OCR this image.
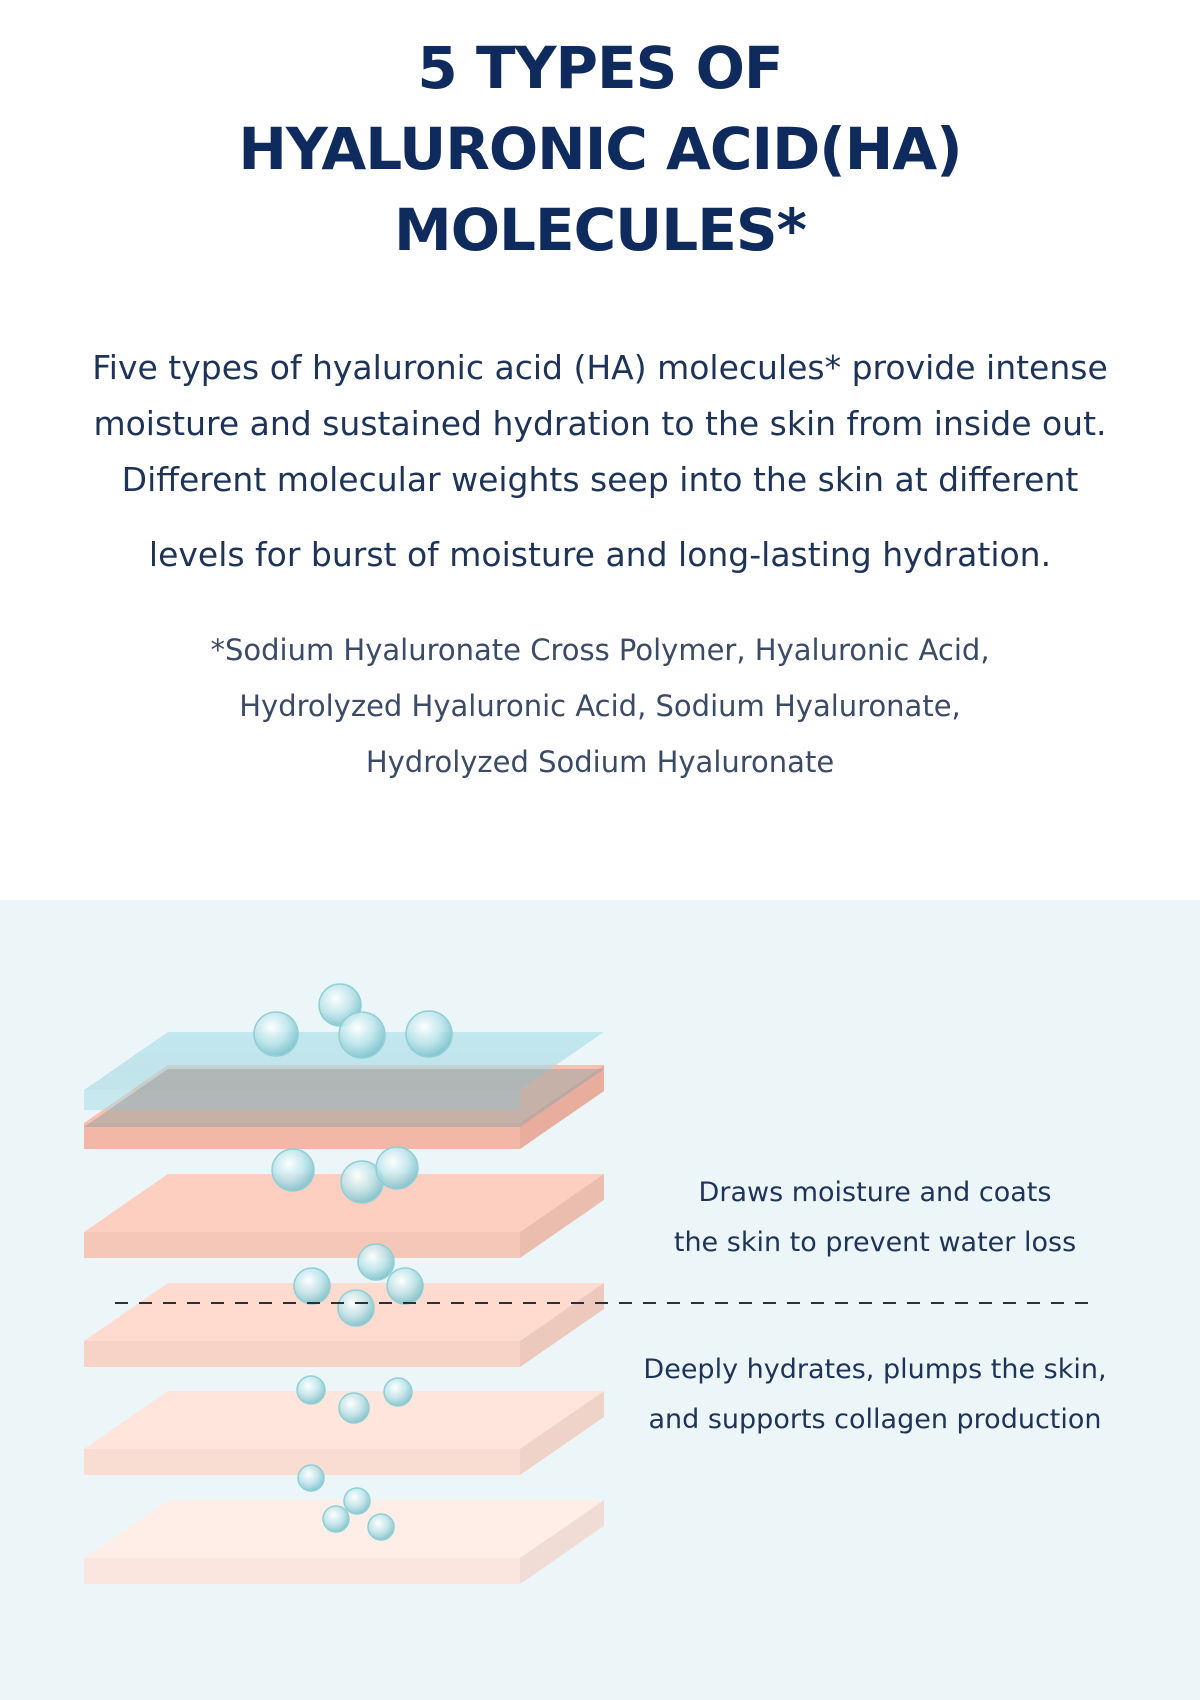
5 TYPES OF
HYALURONIC ACID(HA)
MOLECULES*

Five types of hyaluronic acid (HA) molecules* provide intense
moisture and sustained hydration to the skin from inside out.
Different molecular weights seep into the skin at different
levels for burst of moisture and long-lasting hydration.

*Sodium Hyaluronate Cross Polymer, Hyaluronic Acid,
Hydrolyzed Hyaluronic Acid, Sodium Hyaluronate,
Hydrolyzed Sodium Hyaluronate

Draws moisture and coats
the skin to prevent water loss

Deeply hydrates, plumps the skin,
and supports collagen production
